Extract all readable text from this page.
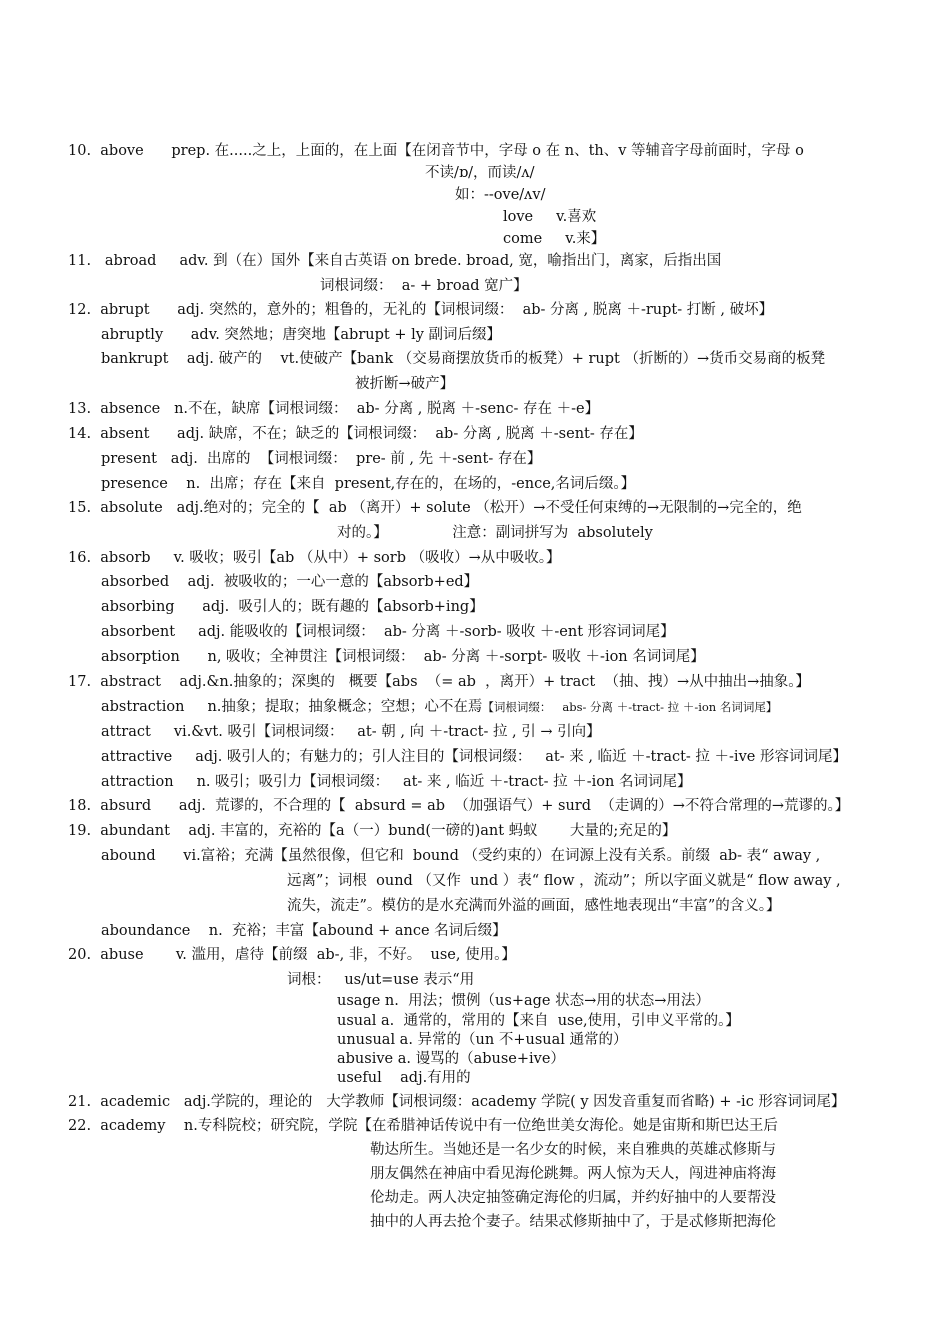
10.  above      prep. 在.....之上，上面的，在上面【在闭音节中，字母 o 在 n、th、v 等辅音字母前面时，字母 o
不读/ɒ/，而读/ʌ/
如：--ove/ʌv/
love     v.喜欢
come     v.来】
11.   abroad     adv. 到（在）国外【来自古英语 on brede. broad, 宽，喻指出门，离家，后指出国
词根词缀：  a- + broad 宽广】
12.  abrupt      adj. 突然的，意外的；粗鲁的，无礼的【词根词缀：  ab- 分离 , 脱离 ＋-rupt- 打断 , 破坏】
abruptly      adv. 突然地；唐突地【abrupt + ly 副词后缀】
bankrupt    adj. 破产的    vt.使破产【bank （交易商摆放货币的板凳）+ rupt （折断的）→货币交易商的板凳
被折断→破产】
13.  absence   n.不在，缺席【词根词缀：  ab- 分离 , 脱离 ＋-senc- 存在 ＋-e】
14.  absent      adj. 缺席，不在；缺乏的【词根词缀：  ab- 分离 , 脱离 ＋-sent- 存在】
present   adj.  出席的  【词根词缀：  pre- 前 , 先 ＋-sent- 存在】
presence    n.  出席；存在【来自  present,存在的，在场的，-ence,名词后缀。】
15.  absolute   adj.绝对的；完全的【  ab （离开）+ solute （松开）→不受任何束缚的→无限制的→完全的，绝
对的。】              注意：副词拼写为  absolutely
16.  absorb     v. 吸收；吸引【ab （从中）+ sorb （吸收）→从中吸收。】
absorbed    adj.  被吸收的；一心一意的【absorb+ed】
absorbing      adj.  吸引人的；既有趣的【absorb+ing】
absorbent     adj. 能吸收的【词根词缀：  ab- 分离 ＋-sorb- 吸收 ＋-ent 形容词词尾】
absorption      n, 吸收；全神贯注【词根词缀：  ab- 分离 ＋-sorpt- 吸收 ＋-ion 名词词尾】
17.  abstract    adj.&n.抽象的；深奥的   概要【abs  （= ab  ，离开）+ tract  （抽、拽）→从中抽出→抽象。】
abstraction     n.抽象；提取；抽象概念；空想；心不在焉【词根词缀：   abs- 分离 ＋-tract- 拉 ＋-ion 名词词尾】
attract     vi.&vt. 吸引【词根词缀：   at- 朝 , 向 ＋-tract- 拉 , 引 → 引向】
attractive     adj. 吸引人的；有魅力的；引人注目的【词根词缀：   at- 来 , 临近 ＋-tract- 拉 ＋-ive 形容词词尾】
attraction     n. 吸引；吸引力【词根词缀：   at- 来 , 临近 ＋-tract- 拉 ＋-ion 名词词尾】
18.  absurd      adj.  荒谬的，不合理的【  absurd = ab  （加强语气）+ surd  （走调的）→不符合常理的→荒谬的。】
19.  abundant    adj. 丰富的，充裕的【a（一）bund(一磅的)ant 蚂蚁       大量的;充足的】
abound      vi.富裕；充满【虽然很像，但它和  bound （受约束的）在词源上没有关系。前缀  ab- 表“ away ,
远离”；词根  ound （又作  und ）表“ flow ，流动”；所以字面义就是“ flow away ,
流失，流走”。模仿的是水充满而外溢的画面，感性地表现出“丰富”的含义。】
aboundance    n.  充裕；丰富【abound + ance 名词后缀】
20.  abuse       v. 滥用，虐待【前缀  ab-, 非，不好。  use, 使用。】
词根：   us/ut=use 表示“用
usage n.  用法；惯例（us+age 状态→用的状态→用法）
usual a.  通常的，常用的【来自  use,使用，引申义平常的。】
unusual a. 异常的（un 不+usual 通常的）
abusive a. 谩骂的（abuse+ive）
useful    adj.有用的
21.  academic   adj.学院的，理论的   大学教师【词根词缀：academy 学院( y 因发音重复而省略) + -ic 形容词词尾】
22.  academy    n.专科院校；研究院，学院【在希腊神话传说中有一位绝世美女海伦。她是宙斯和斯巴达王后
勒达所生。当她还是一名少女的时候，来自雅典的英雄忒修斯与
朋友偶然在神庙中看见海伦跳舞。两人惊为天人，闯进神庙将海
伦劫走。两人决定抽签确定海伦的归属，并约好抽中的人要帮没
抽中的人再去抢个妻子。结果忒修斯抽中了，于是忒修斯把海伦
